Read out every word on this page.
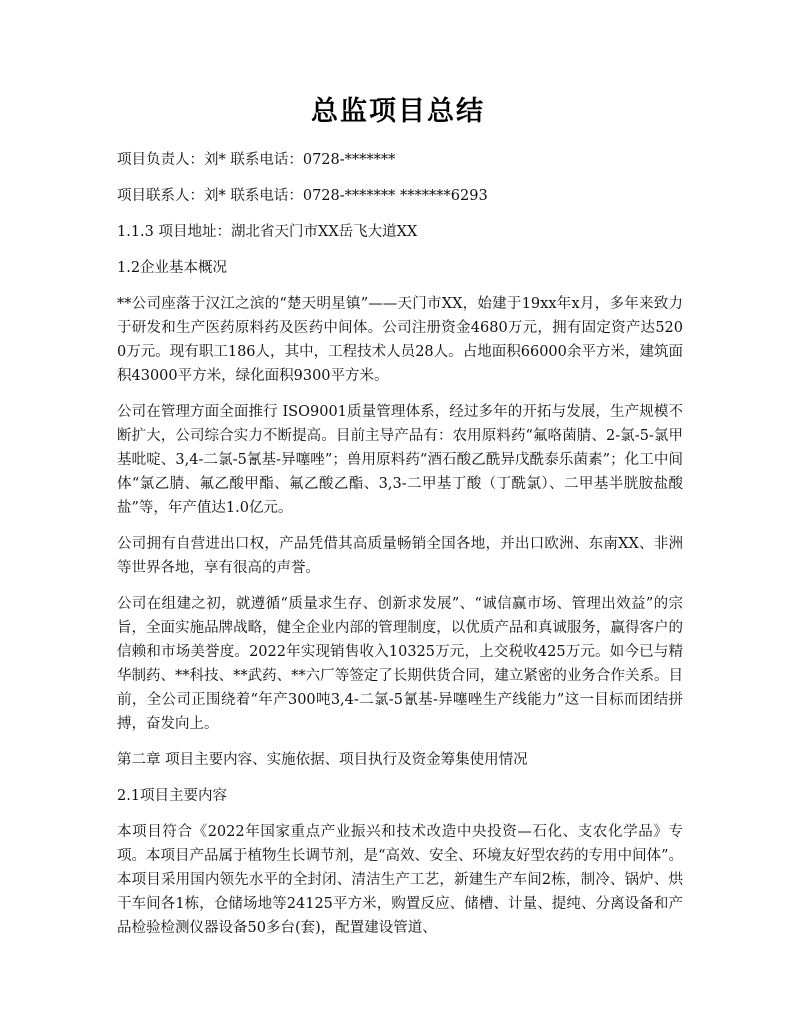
总监项目总结

项目负责人：刘* 联系电话：0728-*******

项目联系人：刘* 联系电话：0728-******* *******6293

1.1.3 项目地址：湖北省天门市XX岳飞大道XX

1.2企业基本概况

**公司座落于汉江之滨的“楚天明星镇”——天门市XX，始建于19xx年x月，多年来致力于研发和生产医药原料药及医药中间体。公司注册资金4680万元，拥有固定资产达5200万元。现有职工186人，其中，工程技术人员28人。占地面积66000余平方米，建筑面积43000平方米，绿化面积9300平方米。

公司在管理方面全面推行 ISO9001质量管理体系，经过多年的开拓与发展，生产规模不断扩大，公司综合实力不断提高。目前主导产品有：农用原料药“氟咯菌腈、2-氯-5-氯甲基吡啶、3,4-二氯-5氰基-异噻唑”；兽用原料药“酒石酸乙酰异戊酰泰乐菌素”；化工中间体“氯乙腈、氟乙酸甲酯、氟乙酸乙酯、3,3-二甲基丁酸（丁酰氯）、二甲基半胱胺盐酸盐”等，年产值达1.0亿元。

公司拥有自营进出口权，产品凭借其高质量畅销全国各地，并出口欧洲、东南XX、非洲等世界各地，享有很高的声誉。

公司在组建之初，就遵循“质量求生存、创新求发展”、“诚信赢市场、管理出效益”的宗旨，全面实施品牌战略，健全企业内部的管理制度，以优质产品和真诚服务，赢得客户的信赖和市场美誉度。2022年实现销售收入10325万元，上交税收425万元。如今已与精华制药、**科技、**武药、**六厂等签定了长期供货合同，建立紧密的业务合作关系。目前，全公司正围绕着“年产300吨3,4-二氯-5氰基-异噻唑生产线能力”这一目标而团结拼搏，奋发向上。

第二章 项目主要内容、实施依据、项目执行及资金筹集使用情况

2.1项目主要内容

本项目符合《2022年国家重点产业振兴和技术改造中央投资—石化、支农化学品》专项。本项目产品属于植物生长调节剂，是“高效、安全、环境友好型农药的专用中间体”。本项目采用国内领先水平的全封闭、清洁生产工艺，新建生产车间2栋，制冷、锅炉、烘干车间各1栋，仓储场地等24125平方米，购置反应、储槽、计量、提纯、分离设备和产品检验检测仪器设备50多台(套)，配置建设管道、
